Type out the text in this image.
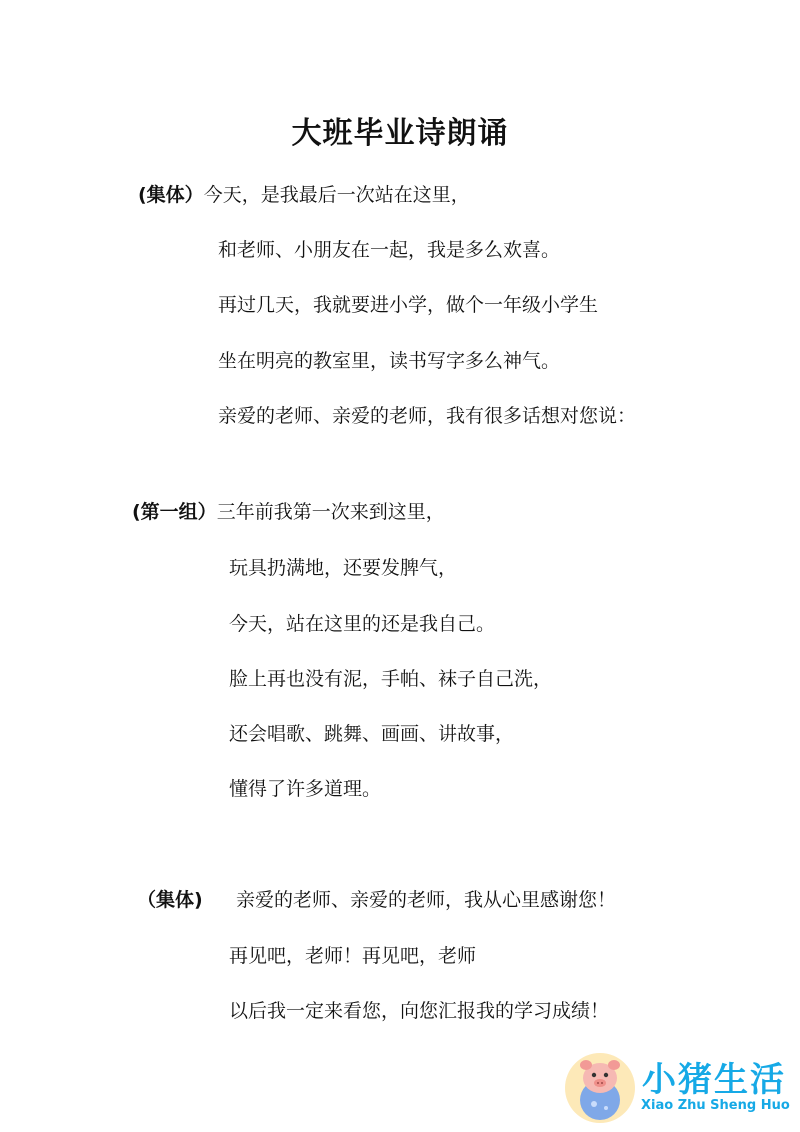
大班毕业诗朗诵
(集体）今天，是我最后一次站在这里，
和老师、小朋友在一起，我是多么欢喜。
再过几天，我就要进小学，做个一年级小学生
坐在明亮的教室里，读书写字多么神气。
亲爱的老师、亲爱的老师，我有很多话想对您说：
(第一组）三年前我第一次来到这里，
玩具扔满地，还要发脾气，
今天，站在这里的还是我自己。
脸上再也没有泥，手帕、袜子自己洗，
还会唱歌、跳舞、画画、讲故事，
懂得了许多道理。
（集体) 亲爱的老师、亲爱的老师，我从心里感谢您！
再见吧，老师！再见吧，老师
以后我一定来看您，向您汇报我的学习成绩！
小猪生活
Xiao Zhu Sheng Huo
